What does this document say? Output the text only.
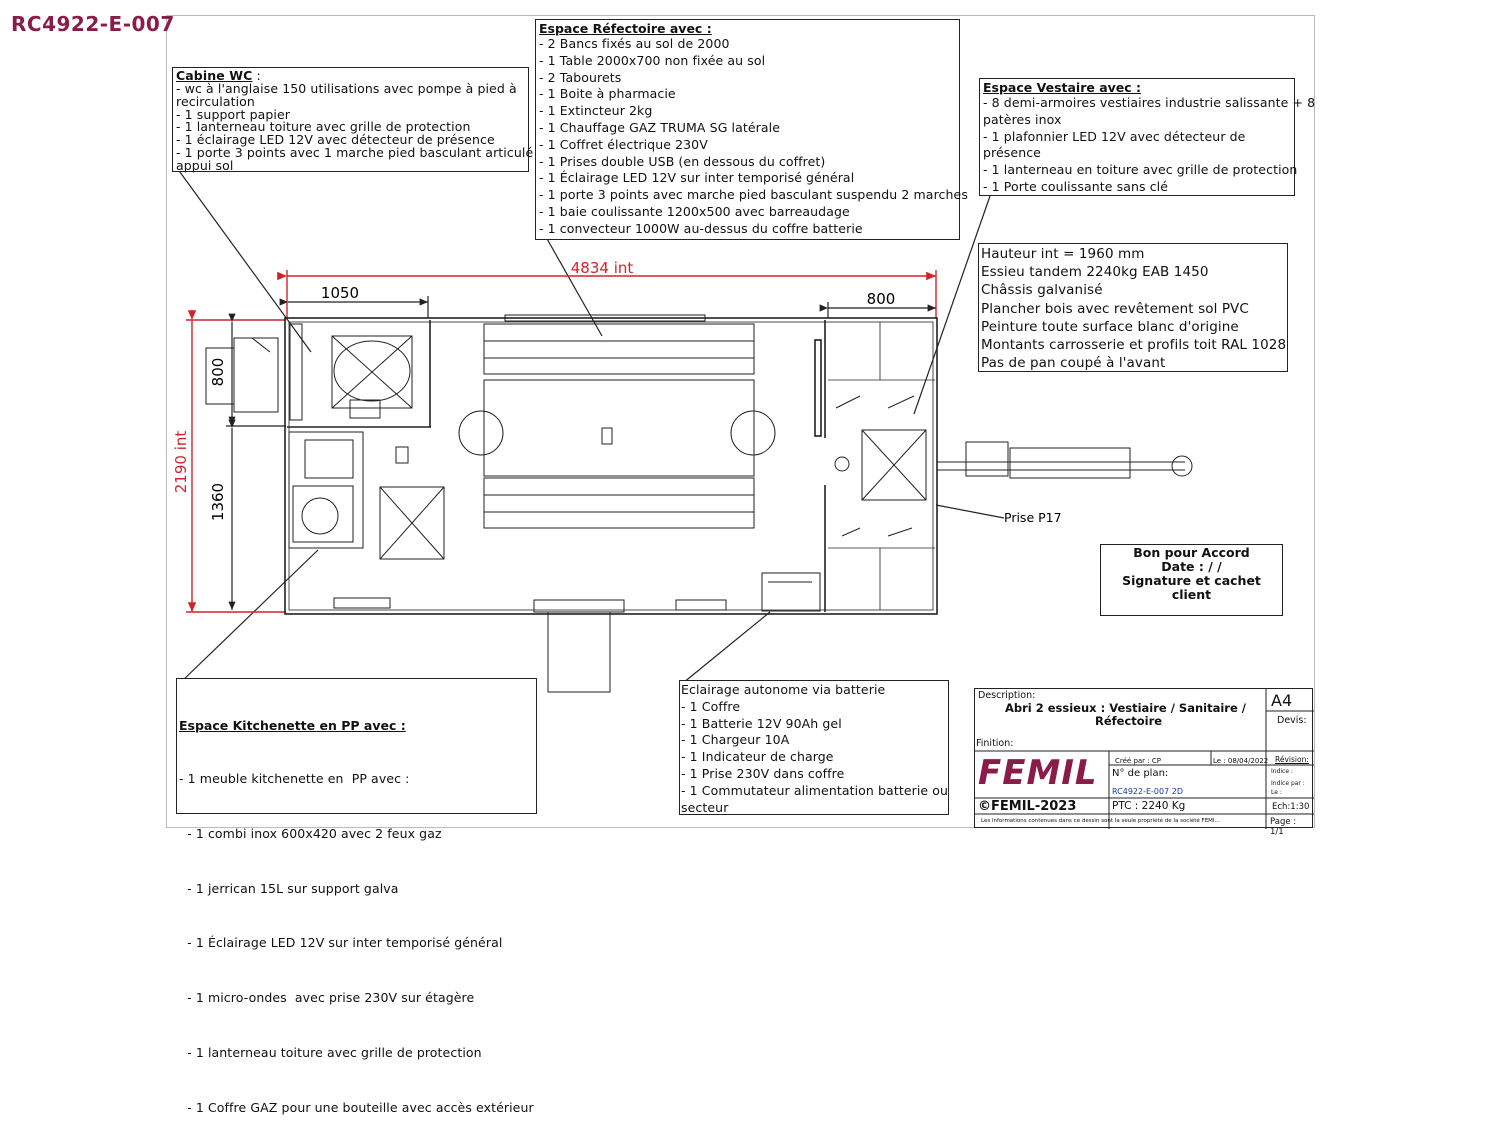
RC4922-E-007
4834 int
2190 int
1050	800
800
1360	Prise P17
Cabine WC :
- wc à l'anglaise 150 utilisations avec pompe à pied à
recirculation
- 1 support papier
- 1 lanterneau toiture avec grille de protection
- 1 éclairage LED 12V avec détecteur de présence
- 1 porte 3 points avec 1 marche pied basculant articulé
appui sol
Espace Réfectoire avec :
- 2 Bancs fixés au sol de 2000
- 1 Table 2000x700 non fixée au sol
- 2 Tabourets
- 1 Boite à pharmacie
- 1 Extincteur 2kg
- 1 Chauffage GAZ TRUMA SG latérale
- 1 Coffret électrique 230V
- 1 Prises double USB (en dessous du coffret)
- 1 Éclairage LED 12V sur inter temporisé général
- 1 porte 3 points avec marche pied basculant suspendu 2 marches
- 1 baie coulissante 1200x500 avec barreaudage
- 1 convecteur 1000W au-dessus du coffre batterie
Espace Vestaire avec :
- 8 demi-armoires vestiaires industrie salissante + 8
patères inox
- 1 plafonnier LED 12V avec détecteur de
présence
- 1 lanterneau en toiture avec grille de protection
- 1 Porte coulissante sans clé
Hauteur int = 1960 mm
Essieu tandem 2240kg EAB 1450
Châssis galvanisé
Plancher bois avec revêtement sol PVC
Peinture toute surface blanc d'origine
Montants carrosserie et profils toit RAL 1028
Pas de pan coupé à l'avant

Espace Kitchenette en PP avec :

- 1 meuble kitchenette en  PP avec :

- 1 combi inox 600x420 avec 2 feux gaz

- 1 jerrican 15L sur support galva

- 1 Éclairage LED 12V sur inter temporisé général

- 1 micro-ondes  avec prise 230V sur étagère

- 1 lanterneau toiture avec grille de protection

- 1 Coffre GAZ pour une bouteille avec accès extérieur

Eclairage autonome via batterie
- 1 Coffre
- 1 Batterie 12V 90Ah gel
- 1 Chargeur 10A
- 1 Indicateur de charge
- 1 Prise 230V dans coffre
- 1 Commutateur alimentation batterie ou
secteur
Bon pour Accord
Date : / /
Signature et cachet client
Description:
Abri 2 essieux : Vestiaire / Sanitaire /
Réfectoire
A4
Devis:
Finition:
FEMIL Créé par : CP	Le : 08/04/2022 Révision:
Indice :
Indice par :
Le :
N° de plan:
RC4922-E-007 2D
PTC : 2240 Kg	Ech:1:30
©FEMIL-2023
Les informations contenues dans ce dessin sont la seule propriété de la société FEMI...	Page : 1/1
